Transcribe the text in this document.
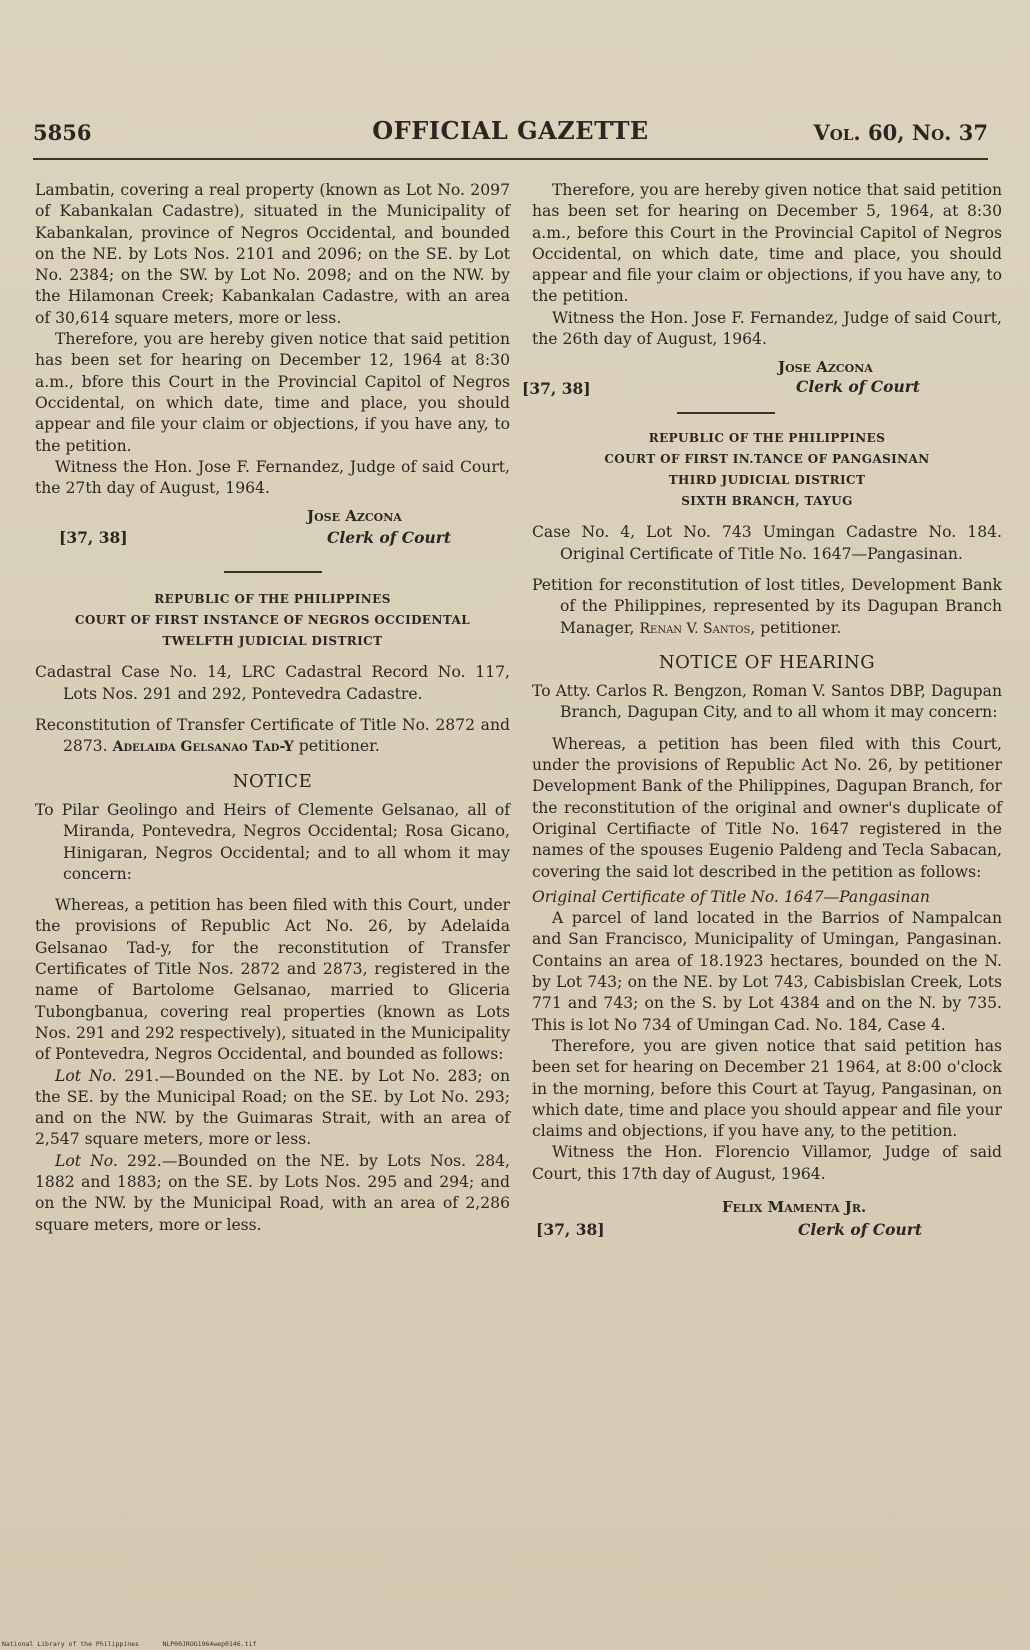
5856	OFFICIAL GAZETTE	Vol. 60, No. 37

Lambatin, covering a real property (known as Lot No. 2097 of Kabankalan Cadastre), situated in the Municipality of Kabankalan, province of Negros Occidental, and bounded on the NE. by Lots Nos. 2101 and 2096; on the SE. by Lot No. 2384; on the SW. by Lot No. 2098; and on the NW. by the Hilamonan Creek; Kabankalan Cadastre, with an area of 30,614 square meters, more or less.

Therefore, you are hereby given notice that said petition has been set for hearing on December 12, 1964 at 8:30 a.m., bfore this Court in the Provincial Capitol of Negros Occidental, on which date, time and place, you should appear and file your claim or objections, if you have any, to the petition.

Witness the Hon. Jose F. Fernandez, Judge of said Court, the 27th day of August, 1964.

Jose Azcona
[37, 38]	Clerk of Court
REPUBLIC OF THE PHILIPPINES
COURT OF FIRST INSTANCE OF NEGROS OCCIDENTAL
TWELFTH JUDICIAL DISTRICT

Cadastral Case No. 14, LRC Cadastral Record No. 117, Lots Nos. 291 and 292, Pontevedra Cadastre.

Reconstitution of Transfer Certificate of Title No. 2872 and 2873. Adelaida Gelsanao Tad-Y petitioner.

NOTICE

To Pilar Geolingo and Heirs of Clemente Gelsanao, all of Miranda, Pontevedra, Negros Occidental; Rosa Gicano, Hinigaran, Negros Occidental; and to all whom it may concern:

Whereas, a petition has been filed with this Court, under the provisions of Republic Act No. 26, by Adelaida Gelsanao Tad-y, for the reconstitution of Transfer Certificates of Title Nos. 2872 and 2873, registered in the name of Bartolome Gelsanao, married to Gliceria Tubongbanua, covering real properties (known as Lots Nos. 291 and 292 respectively), situated in the Municipality of Pontevedra, Negros Occidental, and bounded as follows:

Lot No. 291.—Bounded on the NE. by Lot No. 283; on the SE. by the Municipal Road; on the SE. by Lot No. 293; and on the NW. by the Guimaras Strait, with an area of 2,547 square meters, more or less.

Lot No. 292.—Bounded on the NE. by Lots Nos. 284, 1882 and 1883; on the SE. by Lots Nos. 295 and 294; and on the NW. by the Municipal Road, with an area of 2,286 square meters, more or less.

Therefore, you are hereby given notice that said petition has been set for hearing on December 5, 1964, at 8:30 a.m., before this Court in the Provincial Capitol of Negros Occidental, on which date, time and place, you should appear and file your claim or objections, if you have any, to the petition.

Witness the Hon. Jose F. Fernandez, Judge of said Court, the 26th day of August, 1964.

Jose Azcona
[37, 38]	Clerk of Court
REPUBLIC OF THE PHILIPPINES
COURT OF FIRST IN.TANCE OF PANGASINAN
THIRD JUDICIAL DISTRICT
SIXTH BRANCH, TAYUG

Case No. 4, Lot No. 743 Umingan Cadastre No. 184. Original Certificate of Title No. 1647—Pangasinan.

Petition for reconstitution of lost titles, Development Bank of the Philippines, represented by its Dagupan Branch Manager, Renan V. Santos, petitioner.

NOTICE OF HEARING

To Atty. Carlos R. Bengzon, Roman V. Santos DBP, Dagupan Branch, Dagupan City, and to all whom it may concern:

Whereas, a petition has been filed with this Court, under the provisions of Republic Act No. 26, by petitioner Development Bank of the Philippines, Dagupan Branch, for the reconstitution of the original and owner's duplicate of Original Certifiacte of Title No. 1647 registered in the names of the spouses Eugenio Paldeng and Tecla Sabacan, covering the said lot described in the petition as follows:

Original Certificate of Title No. 1647—Pangasinan

A parcel of land located in the Barrios of Nampalcan and San Francisco, Municipality of Umingan, Pangasinan. Contains an area of 18.1923 hectares, bounded on the N. by Lot 743; on the NE. by Lot 743, Cabisbislan Creek, Lots 771 and 743; on the S. by Lot 4384 and on the N. by 735. This is lot No 734 of Umingan Cad. No. 184, Case 4.

Therefore, you are given notice that said petition has been set for hearing on December 21 1964, at 8:00 o'clock in the morning, before this Court at Tayug, Pangasinan, on which date, time and place you should appear and file your claims and objections, if you have any, to the petition.

Witness the Hon. Florencio Villamor, Judge of said Court, this 17th day of August, 1964.

Felix Mamenta Jr.
[37, 38]	Clerk of Court
National Library of the Philippines      NLP00JROG1964wep0146.tif
